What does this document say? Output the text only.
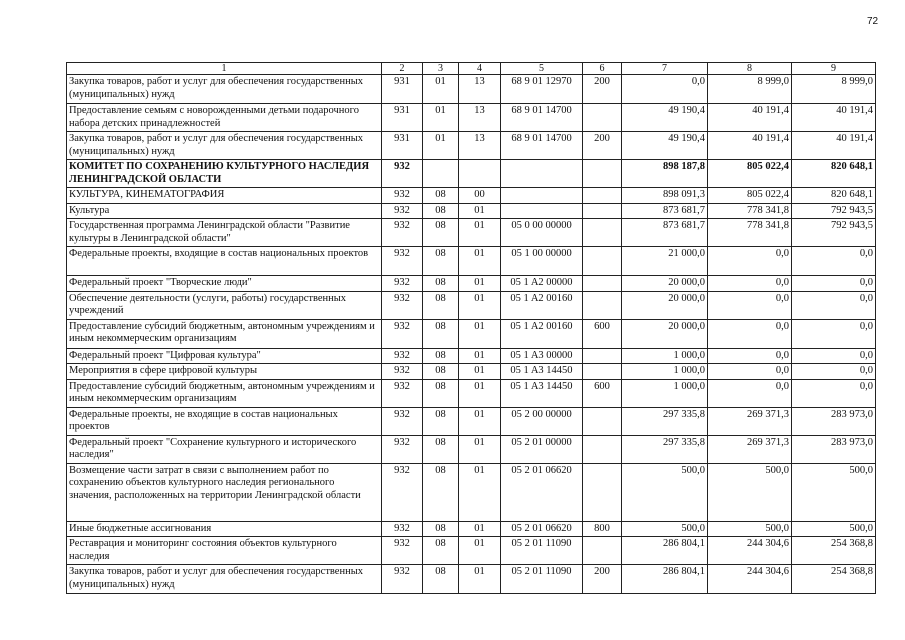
72
1	2	3	4	5	6	7	8	9
Закупка товаров, работ и услуг для обеспечения государственных (муниципальных) нужд	931	01	13	68 9 01 12970	200	0,0	8 999,0	8 999,0
Предоставление семьям с новорожденными детьми подарочного набора детских принадлежностей	931	01	13	68 9 01 14700		49 190,4	40 191,4	40 191,4
Закупка товаров, работ и услуг для обеспечения государственных (муниципальных) нужд	931	01	13	68 9 01 14700	200	49 190,4	40 191,4	40 191,4
КОМИТЕТ ПО СОХРАНЕНИЮ КУЛЬТУРНОГО НАСЛЕДИЯ ЛЕНИНГРАДСКОЙ ОБЛАСТИ	932					898 187,8	805 022,4	820 648,1
КУЛЬТУРА, КИНЕМАТОГРАФИЯ	932	08	00			898 091,3	805 022,4	820 648,1
Культура	932	08	01			873 681,7	778 341,8	792 943,5
Государственная программа Ленинградской области "Развитие культуры в Ленинградской области"	932	08	01	05 0 00 00000		873 681,7	778 341,8	792 943,5
Федеральные проекты, входящие в состав национальных проектов	932	08	01	05 1 00 00000		21 000,0	0,0	0,0
Федеральный проект "Творческие люди"	932	08	01	05 1 A2 00000		20 000,0	0,0	0,0
Обеспечение деятельности (услуги, работы) государственных учреждений	932	08	01	05 1 A2 00160		20 000,0	0,0	0,0
Предоставление субсидий бюджетным, автономным учреждениям и иным некоммерческим организациям	932	08	01	05 1 A2 00160	600	20 000,0	0,0	0,0
Федеральный проект "Цифровая культура"	932	08	01	05 1 A3 00000		1 000,0	0,0	0,0
Мероприятия в сфере цифровой культуры	932	08	01	05 1 A3 14450		1 000,0	0,0	0,0
Предоставление субсидий бюджетным, автономным учреждениям и иным некоммерческим организациям	932	08	01	05 1 A3 14450	600	1 000,0	0,0	0,0
Федеральные проекты, не входящие в состав национальных проектов	932	08	01	05 2 00 00000		297 335,8	269 371,3	283 973,0
Федеральный проект "Сохранение культурного и исторического наследия"	932	08	01	05 2 01 00000		297 335,8	269 371,3	283 973,0
Возмещение части затрат в связи с выполнением работ по сохранению объектов культурного наследия регионального значения, расположенных на территории Ленинградской области	932	08	01	05 2 01 06620		500,0	500,0	500,0
Иные бюджетные ассигнования	932	08	01	05 2 01 06620	800	500,0	500,0	500,0
Реставрация и мониторинг состояния объектов культурного наследия	932	08	01	05 2 01 11090		286 804,1	244 304,6	254 368,8
Закупка товаров, работ и услуг для обеспечения государственных (муниципальных) нужд	932	08	01	05 2 01 11090	200	286 804,1	244 304,6	254 368,8
